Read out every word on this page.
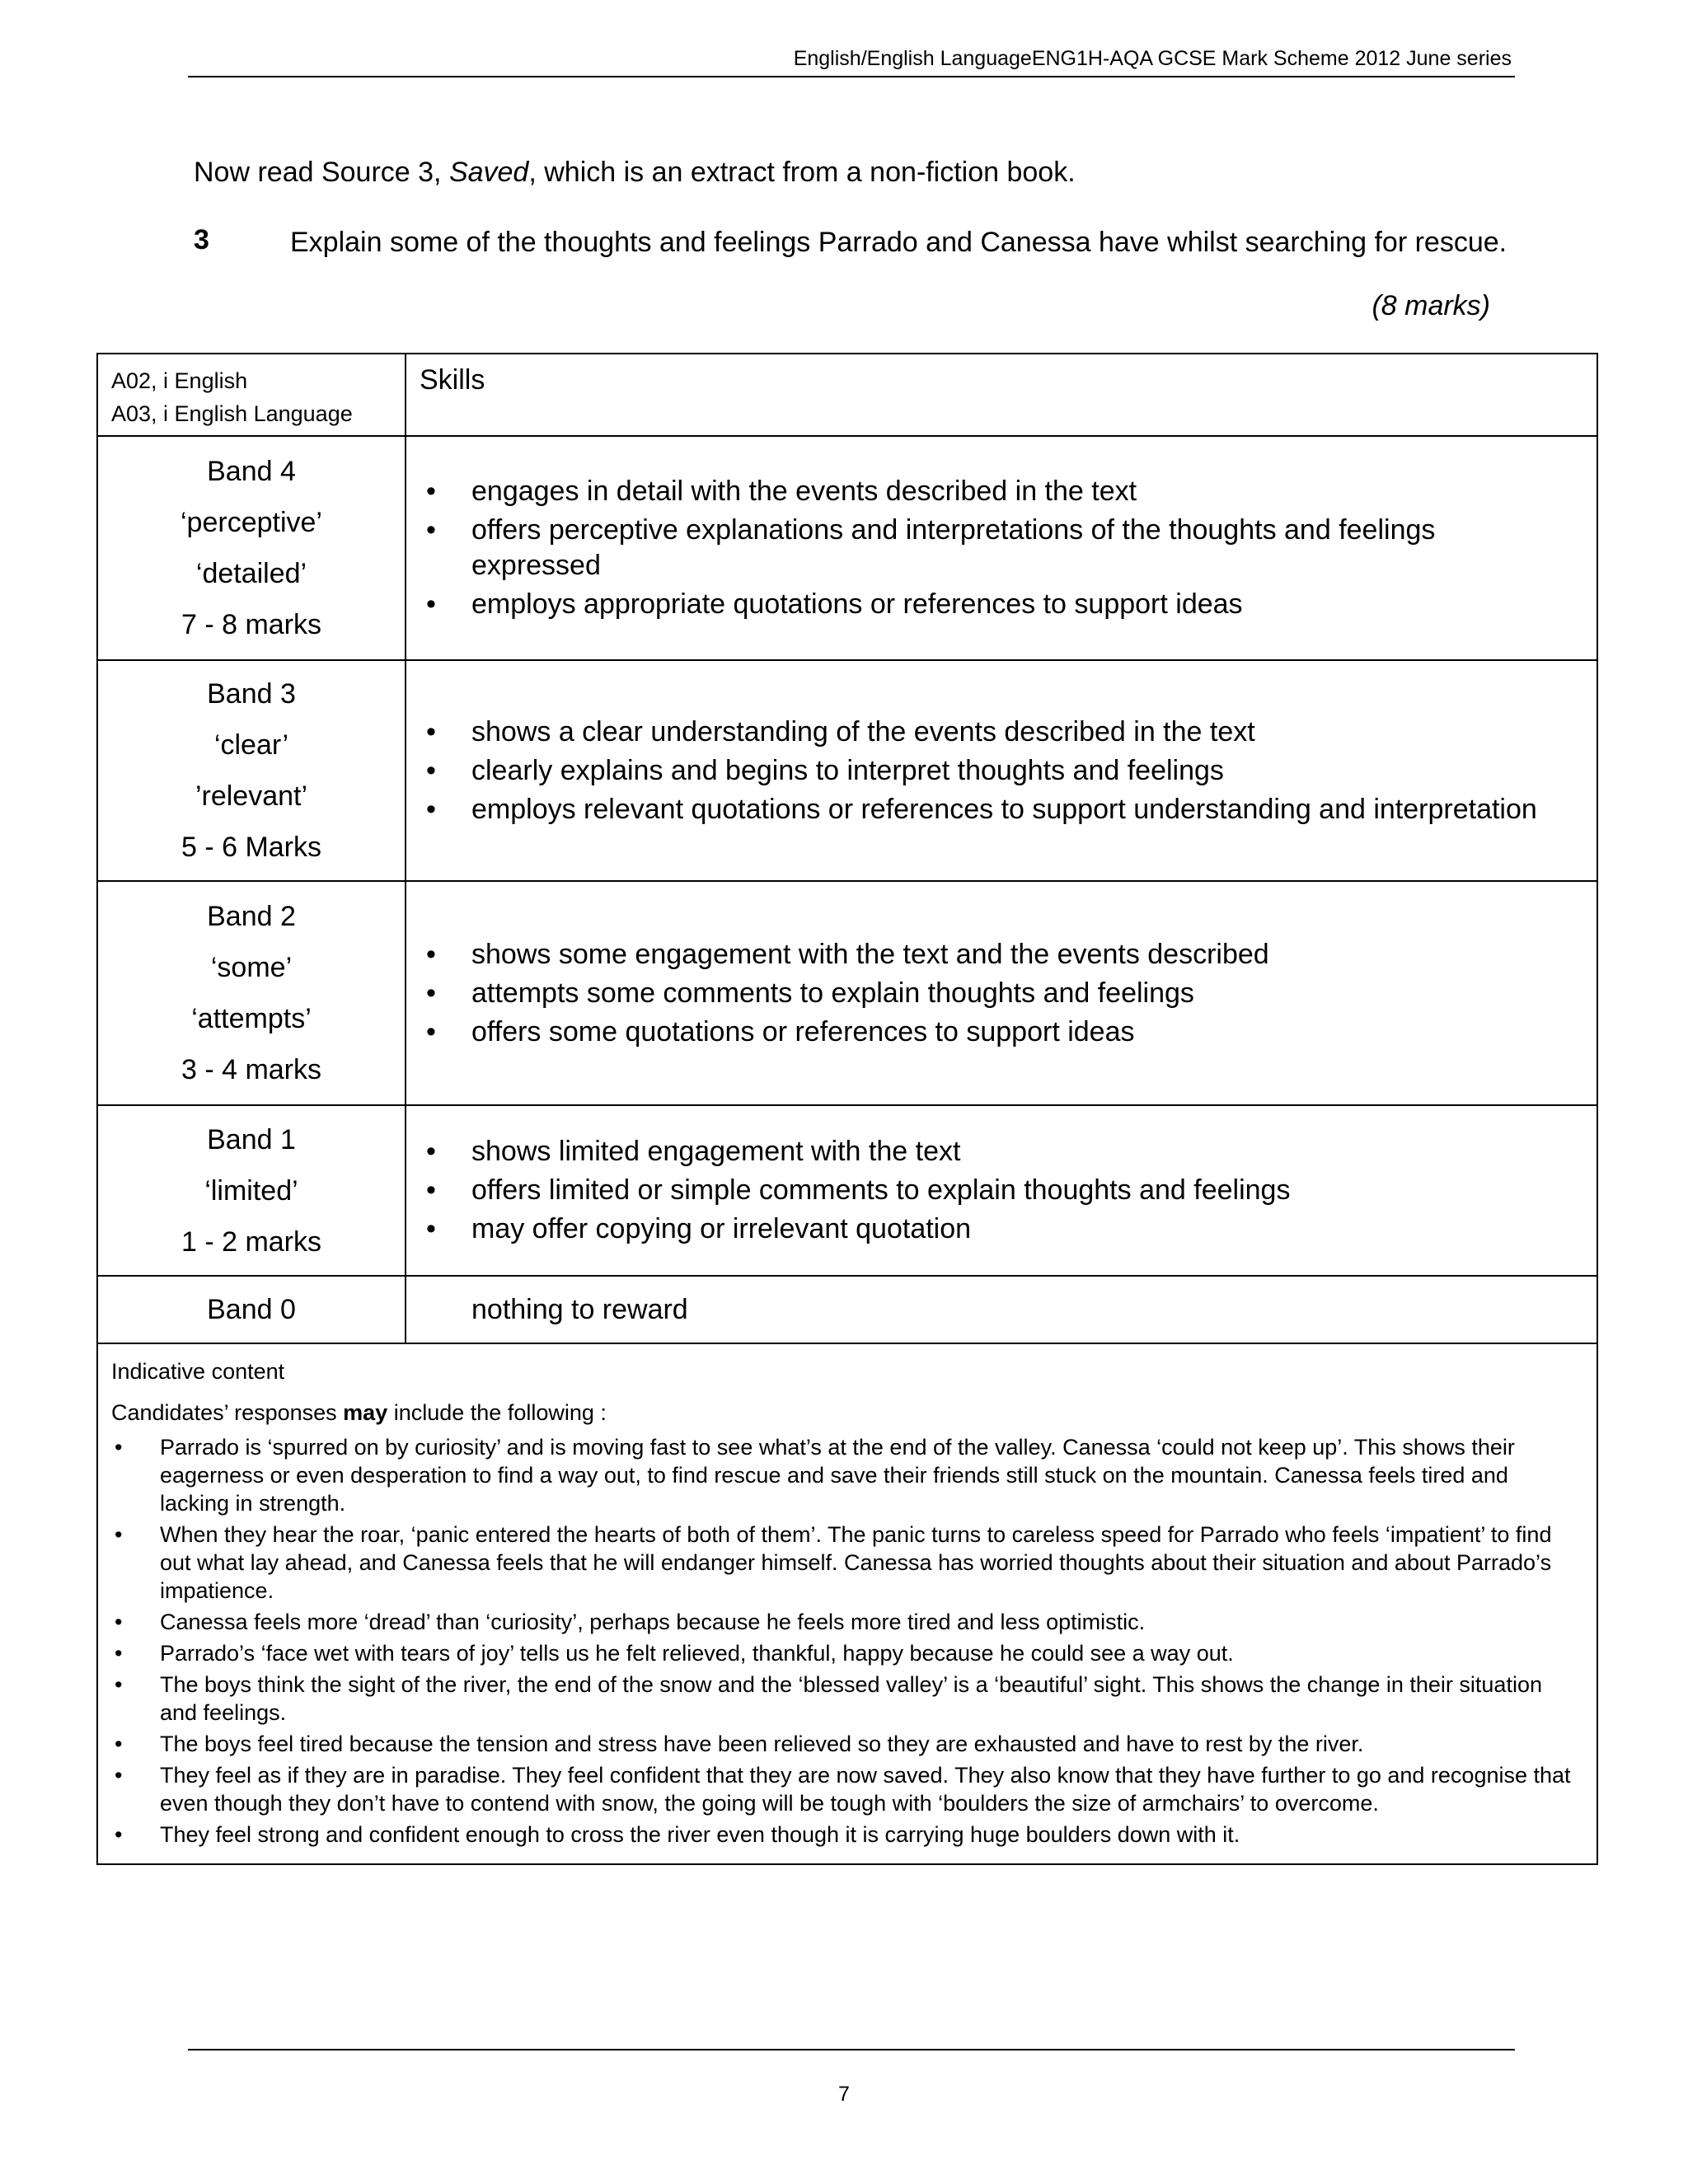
English/English LanguageENG1H-AQA GCSE Mark Scheme 2012 June series
Now read Source 3, Saved, which is an extract from a non-fiction book.
3	Explain some of the thoughts and feelings Parrado and Canessa have whilst searching for rescue.
(8 marks)
A02, i English
A03, i English Language
Skills
Band 4
‘perceptive’
‘detailed’
7 - 8 marks
• engages in detail with the events described in the text
• offers perceptive explanations and interpretations of the thoughts and feelings expressed
• employs appropriate quotations or references to support ideas
Band 3
‘clear’
’relevant’
5 - 6 Marks
• shows a clear understanding of the events described in the text
• clearly explains and begins to interpret thoughts and feelings
• employs relevant quotations or references to support understanding and interpretation
Band 2
‘some’
‘attempts’
3 - 4 marks
• shows some engagement with the text and the events described
• attempts some comments to explain thoughts and feelings
• offers some quotations or references to support ideas
Band 1
‘limited’
1 - 2 marks
• shows limited engagement with the text
• offers limited or simple comments to explain thoughts and feelings
• may offer copying or irrelevant quotation
Band 0	nothing to reward
Indicative content
Candidates’ responses may include the following :
• Parrado is ‘spurred on by curiosity’ and is moving fast to see what’s at the end of the valley. Canessa ‘could not keep up’. This shows their eagerness or even desperation to find a way out, to find rescue and save their friends still stuck on the mountain. Canessa feels tired and lacking in strength.
• When they hear the roar, ‘panic entered the hearts of both of them’. The panic turns to careless speed for Parrado who feels ‘impatient’ to find out what lay ahead, and Canessa feels that he will endanger himself. Canessa has worried thoughts about their situation and about Parrado’s impatience.
• Canessa feels more ‘dread’ than ‘curiosity’, perhaps because he feels more tired and less optimistic.
• Parrado’s ‘face wet with tears of joy’ tells us he felt relieved, thankful, happy because he could see a way out.
• The boys think the sight of the river, the end of the snow and the ‘blessed valley’ is a ‘beautiful’ sight. This shows the change in their situation and feelings.
• The boys feel tired because the tension and stress have been relieved so they are exhausted and have to rest by the river.
• They feel as if they are in paradise. They feel confident that they are now saved. They also know that they have further to go and recognise that even though they don’t have to contend with snow, the going will be tough with ‘boulders the size of armchairs’ to overcome.
• They feel strong and confident enough to cross the river even though it is carrying huge boulders down with it.
7
